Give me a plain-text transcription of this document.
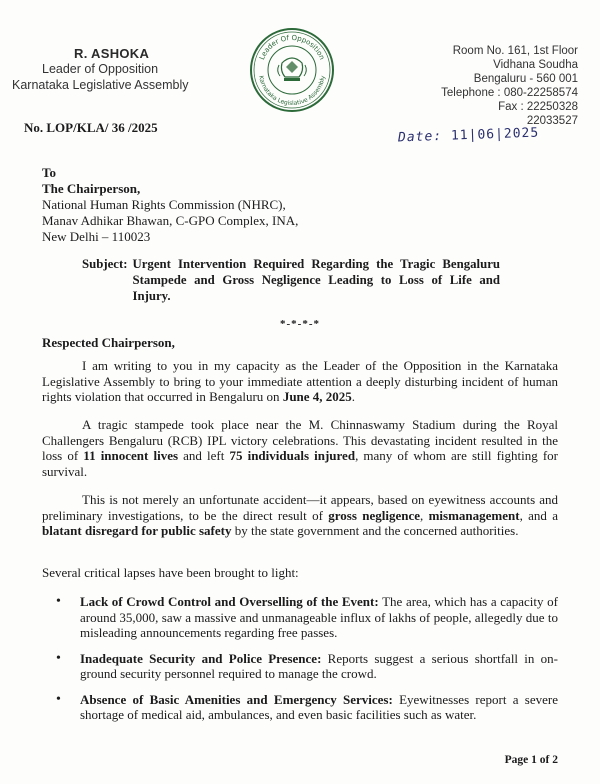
R. ASHOKA
Leader of Opposition
Karnataka Legislative Assembly
Leader Of Opposition
Karnataka Legislative Assembly
Room No. 161, 1st Floor
Vidhana Soudha
Bengaluru - 560 001
Telephone : 080-22258574
Fax : 22250328
22033527
No. LOP/KLA/ 36 /2025
Date: 11|06|2025
To
The Chairperson,
National Human Rights Commission (NHRC),
Manav Adhikar Bhawan, C-GPO Complex, INA,
New Delhi – 110023
Subject: Urgent Intervention Required Regarding the Tragic Bengaluru Stampede and Gross Negligence Leading to Loss of Life and Injury.
*-*-*-*
Respected Chairperson,
I am writing to you in my capacity as the Leader of the Opposition in the Karnataka Legislative Assembly to bring to your immediate attention a deeply disturbing incident of human rights violation that occurred in Bengaluru on June 4, 2025.
A tragic stampede took place near the M. Chinnaswamy Stadium during the Royal Challengers Bengaluru (RCB) IPL victory celebrations. This devastating incident resulted in the loss of 11 innocent lives and left 75 individuals injured, many of whom are still fighting for survival.
This is not merely an unfortunate accident—it appears, based on eyewitness accounts and preliminary investigations, to be the direct result of gross negligence, mismanagement, and a blatant disregard for public safety by the state government and the concerned authorities.
Several critical lapses have been brought to light:
• Lack of Crowd Control and Overselling of the Event: The area, which has a capacity of around 35,000, saw a massive and unmanageable influx of lakhs of people, allegedly due to misleading announcements regarding free passes.
• Inadequate Security and Police Presence: Reports suggest a serious shortfall in on-ground security personnel required to manage the crowd.
• Absence of Basic Amenities and Emergency Services: Eyewitnesses report a severe shortage of medical aid, ambulances, and even basic facilities such as water.
Page 1 of 2
